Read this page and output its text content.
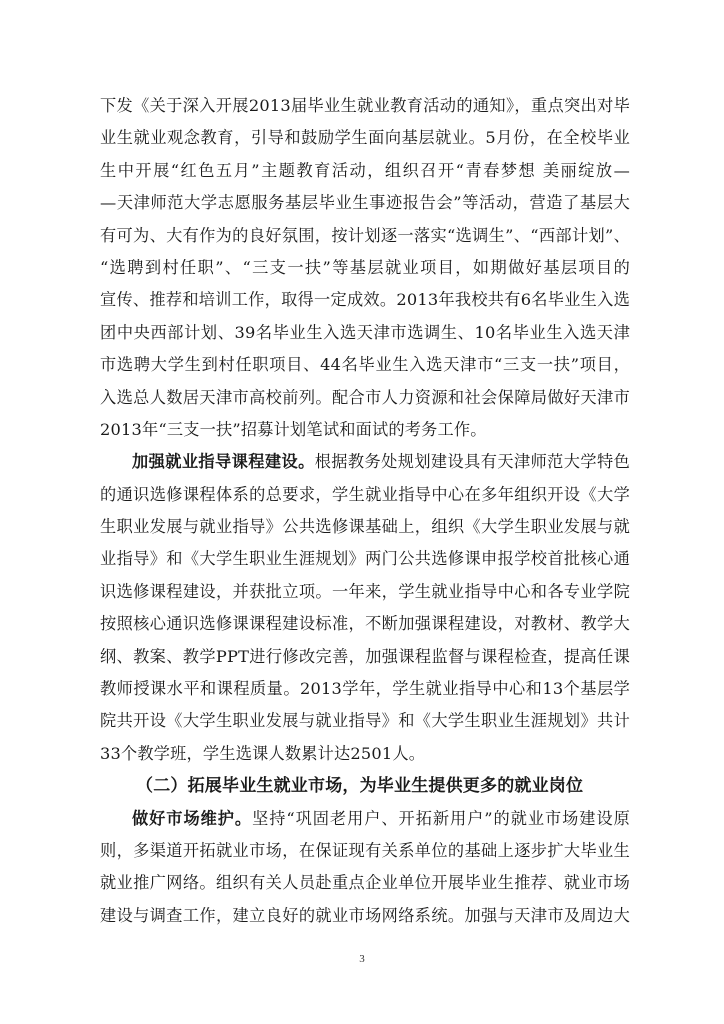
下发《关于深入开展2013届毕业生就业教育活动的通知》，重点突出对毕
业生就业观念教育，引导和鼓励学生面向基层就业。5月份，在全校毕业
生中开展“红色五月”主题教育活动，组织召开“青春梦想 美丽绽放—
—天津师范大学志愿服务基层毕业生事迹报告会”等活动，营造了基层大
有可为、大有作为的良好氛围，按计划逐一落实“选调生”、“西部计划”、
“选聘到村任职”、“三支一扶”等基层就业项目，如期做好基层项目的
宣传、推荐和培训工作，取得一定成效。2013年我校共有6名毕业生入选
团中央西部计划、39名毕业生入选天津市选调生、10名毕业生入选天津
市选聘大学生到村任职项目、44名毕业生入选天津市“三支一扶”项目，
入选总人数居天津市高校前列。配合市人力资源和社会保障局做好天津市
2013年“三支一扶”招募计划笔试和面试的考务工作。
加强就业指导课程建设。根据教务处规划建设具有天津师范大学特色
的通识选修课程体系的总要求，学生就业指导中心在多年组织开设《大学
生职业发展与就业指导》公共选修课基础上，组织《大学生职业发展与就
业指导》和《大学生职业生涯规划》两门公共选修课申报学校首批核心通
识选修课程建设，并获批立项。一年来，学生就业指导中心和各专业学院
按照核心通识选修课课程建设标准，不断加强课程建设，对教材、教学大
纲、教案、教学PPT进行修改完善，加强课程监督与课程检查，提高任课
教师授课水平和课程质量。2013学年，学生就业指导中心和13个基层学
院共开设《大学生职业发展与就业指导》和《大学生职业生涯规划》共计
33个教学班，学生选课人数累计达2501人。
（二）拓展毕业生就业市场，为毕业生提供更多的就业岗位
做好市场维护。坚持“巩固老用户、开拓新用户”的就业市场建设原
则，多渠道开拓就业市场，在保证现有关系单位的基础上逐步扩大毕业生
就业推广网络。组织有关人员赴重点企业单位开展毕业生推荐、就业市场
建设与调查工作，建立良好的就业市场网络系统。加强与天津市及周边大
3
